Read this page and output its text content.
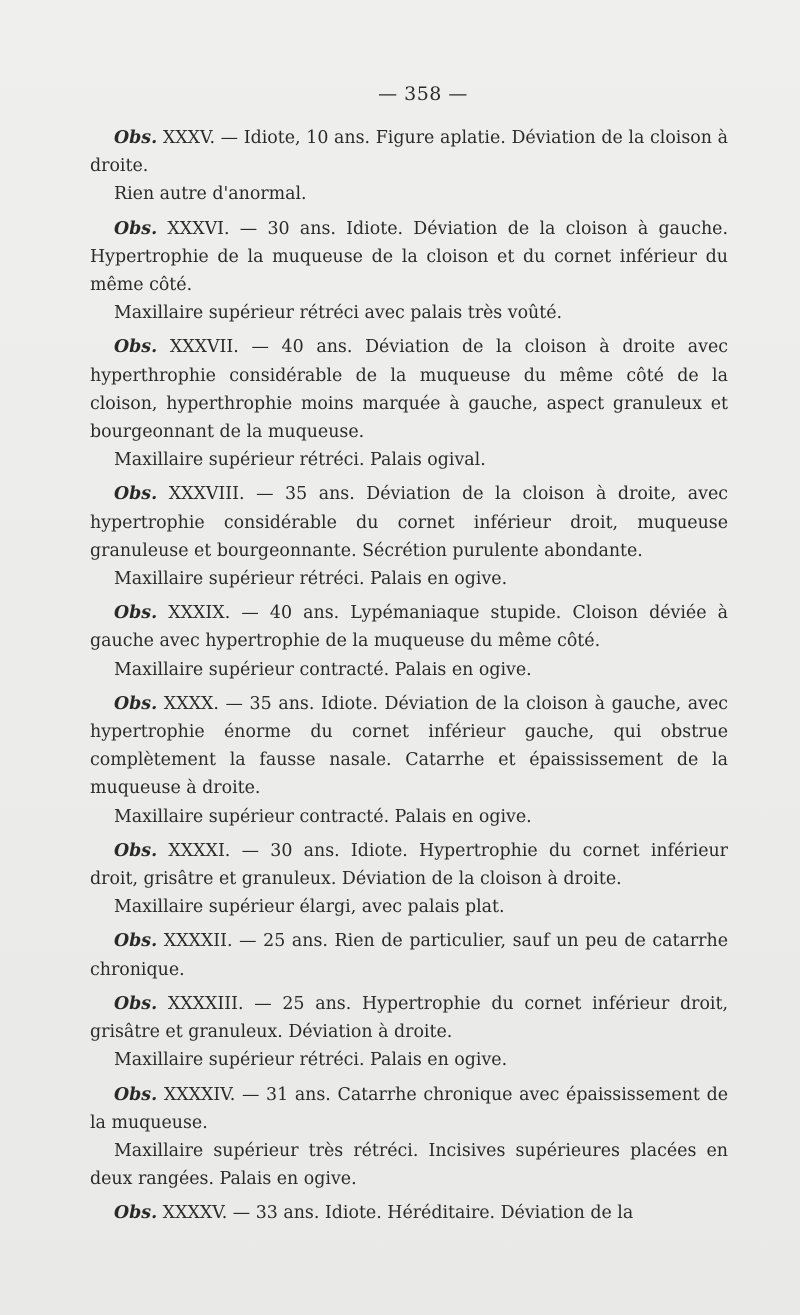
— 358 —

Obs. XXXV. — Idiote, 10 ans. Figure aplatie. Déviation de la cloison à droite.

Rien autre d'anormal.

Obs. XXXVI. — 30 ans. Idiote. Déviation de la cloison à gauche. Hypertrophie de la muqueuse de la cloison et du cornet inférieur du même côté.

Maxillaire supérieur rétréci avec palais très voûté.

Obs. XXXVII. — 40 ans. Déviation de la cloison à droite avec hyperthrophie considérable de la muqueuse du même côté de la cloison, hyperthrophie moins marquée à gauche, aspect granuleux et bourgeonnant de la muqueuse.

Maxillaire supérieur rétréci. Palais ogival.

Obs. XXXVIII. — 35 ans. Déviation de la cloison à droite, avec hypertrophie considérable du cornet inférieur droit, muqueuse granuleuse et bourgeonnante. Sécrétion purulente abondante.

Maxillaire supérieur rétréci. Palais en ogive.

Obs. XXXIX. — 40 ans. Lypémaniaque stupide. Cloison déviée à gauche avec hypertrophie de la muqueuse du même côté.

Maxillaire supérieur contracté. Palais en ogive.

Obs. XXXX. — 35 ans. Idiote. Déviation de la cloison à gauche, avec hypertrophie énorme du cornet inférieur gauche, qui obstrue complètement la fausse nasale. Catarrhe et épaississement de la muqueuse à droite.

Maxillaire supérieur contracté. Palais en ogive.

Obs. XXXXI. — 30 ans. Idiote. Hypertrophie du cornet inférieur droit, grisâtre et granuleux. Déviation de la cloison à droite.

Maxillaire supérieur élargi, avec palais plat.

Obs. XXXXII. — 25 ans. Rien de particulier, sauf un peu de catarrhe chronique.

Obs. XXXXIII. — 25 ans. Hypertrophie du cornet inférieur droit, grisâtre et granuleux. Déviation à droite.

Maxillaire supérieur rétréci. Palais en ogive.

Obs. XXXXIV. — 31 ans. Catarrhe chronique avec épaississement de la muqueuse.

Maxillaire supérieur très rétréci. Incisives supérieures placées en deux rangées. Palais en ogive.

Obs. XXXXV. — 33 ans. Idiote. Héréditaire. Déviation de la
